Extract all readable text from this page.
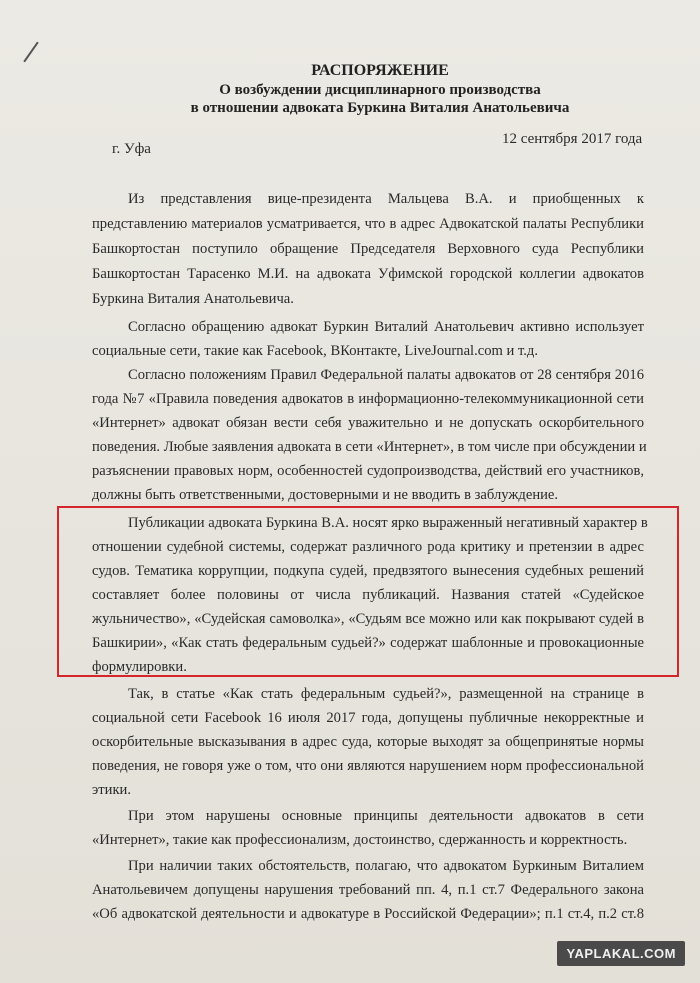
РАСПОРЯЖЕНИЕ
О возбуждении дисциплинарного производства
в отношении адвоката Буркина Виталия Анатольевича
г. Уфа
12 сентября 2017 года
Из представления вице-президента Мальцева В.А. и приобщенных к
представлению материалов усматривается, что в адрес Адвокатской палаты Республики
Башкортостан поступило обращение Председателя Верховного суда Республики
Башкортостан Тарасенко М.И. на адвоката Уфимской городской коллегии адвокатов
Буркина Виталия Анатольевича.
Согласно обращению адвокат Буркин Виталий Анатольевич активно использует
социальные сети, такие как Facebook, ВКонтакте, LiveJournal.com и т.д.
Согласно положениям Правил Федеральной палаты адвокатов от 28 сентября 2016
года №7 «Правила поведения адвокатов в информационно-телекоммуникационной сети
«Интернет» адвокат обязан вести себя уважительно и не допускать оскорбительного
поведения. Любые заявления адвоката в сети «Интернет», в том числе при обсуждении и
разъяснении правовых норм, особенностей судопроизводства, действий его участников,
должны быть ответственными, достоверными и не вводить в заблуждение.
Публикации адвоката Буркина В.А. носят ярко выраженный негативный характер в
отношении судебной системы, содержат различного рода критику и претензии в адрес
судов. Тематика коррупции, подкупа судей, предвзятого вынесения судебных решений
составляет более половины от числа публикаций. Названия статей «Судейское
жульничество», «Судейская самоволка», «Судьям все можно или как покрывают судей в
Башкирии», «Как стать федеральным судьей?» содержат шаблонные и провокационные
формулировки.
Так, в статье «Как стать федеральным судьей?», размещенной на странице в
социальной сети Facebook 16 июля 2017 года, допущены публичные некорректные и
оскорбительные высказывания в адрес суда, которые выходят за общепринятые нормы
поведения, не говоря уже о том, что они являются нарушением норм профессиональной
этики.
При этом нарушены основные принципы деятельности адвокатов в сети
«Интернет», такие как профессионализм, достоинство, сдержанность и корректность.
При наличии таких обстоятельств, полагаю, что адвокатом Буркиным Виталием
Анатольевичем допущены нарушения требований пп. 4, п.1 ст.7 Федерального закона
«Об адвокатской деятельности и адвокатуре в Российской Федерации»; п.1 ст.4, п.2 ст.8
YAPLAKAL.COM
